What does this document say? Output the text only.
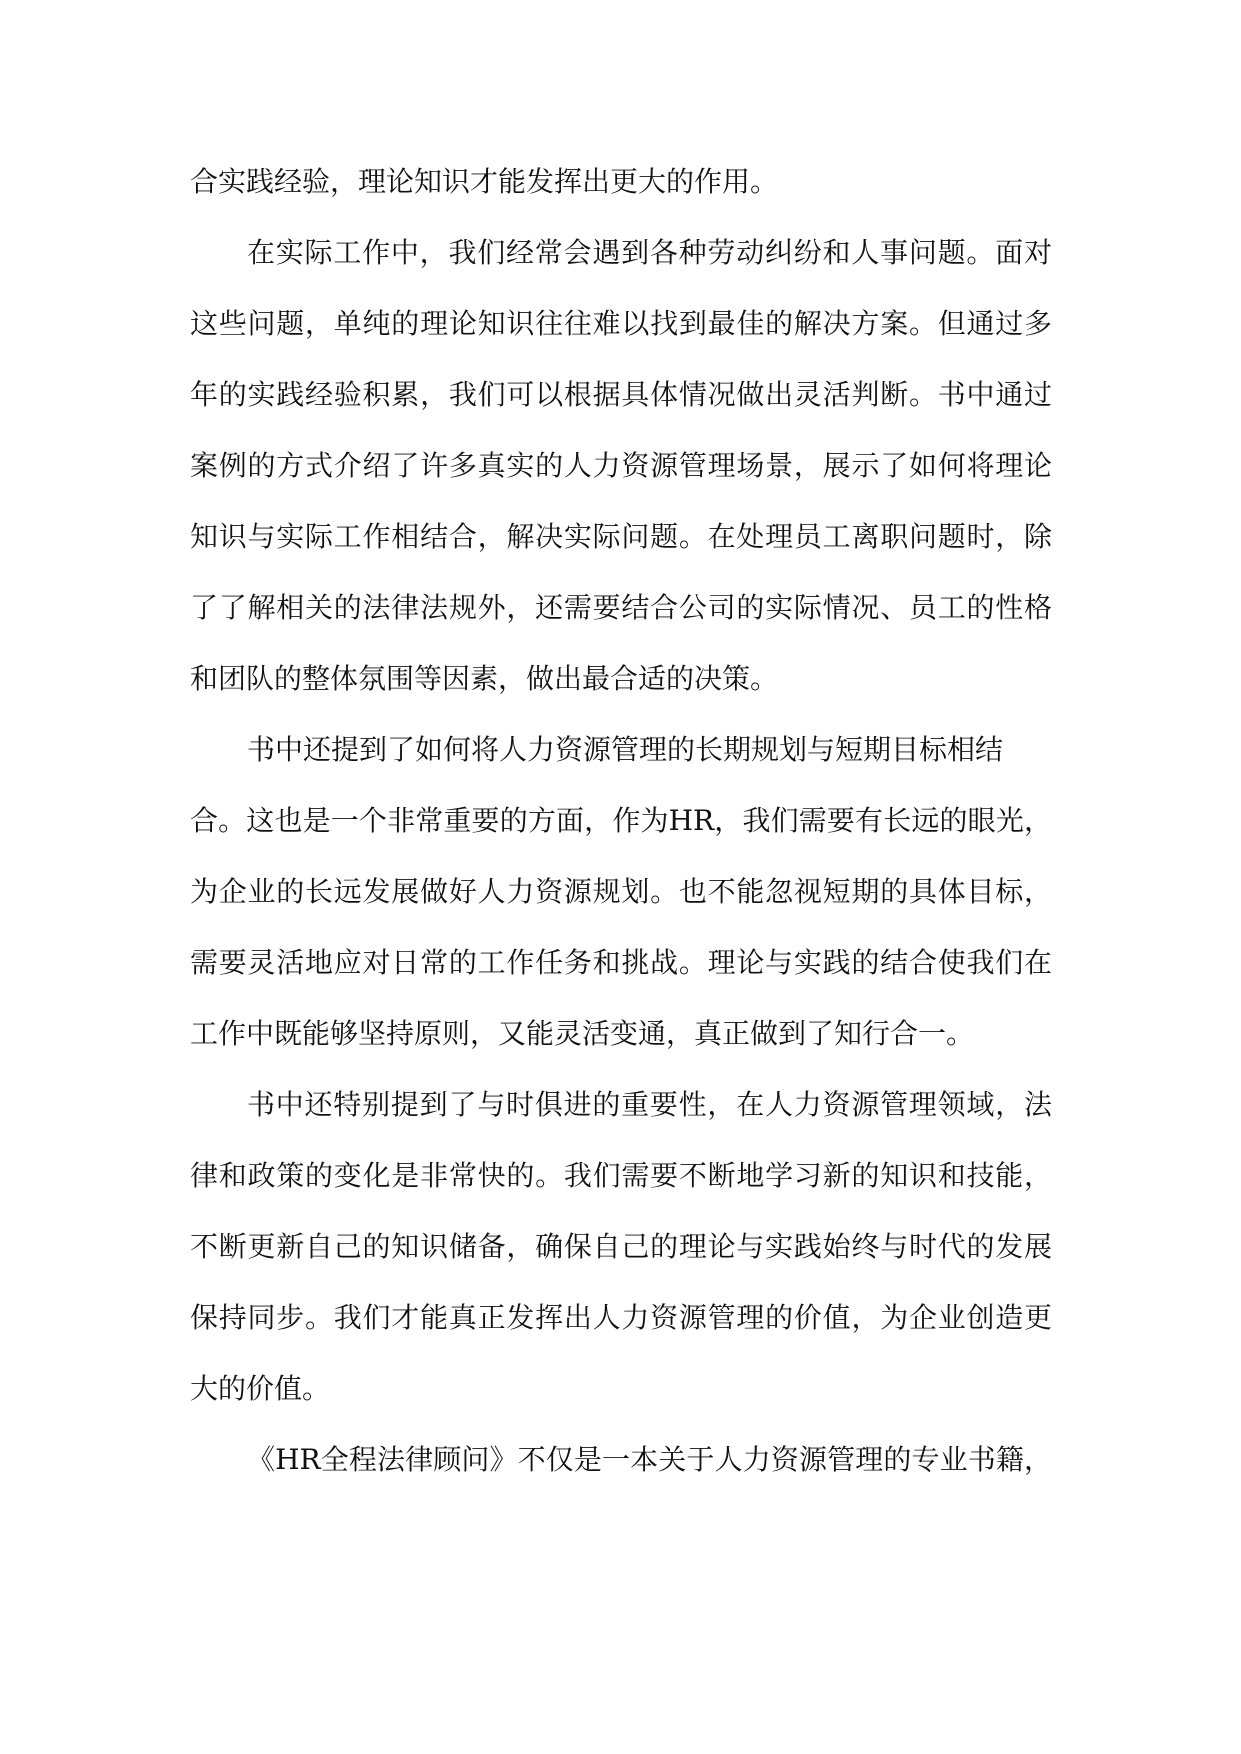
合实践经验，理论知识才能发挥出更大的作用。
在实际工作中，我们经常会遇到各种劳动纠纷和人事问题。面对
这些问题，单纯的理论知识往往难以找到最佳的解决方案。但通过多
年的实践经验积累，我们可以根据具体情况做出灵活判断。书中通过
案例的方式介绍了许多真实的人力资源管理场景，展示了如何将理论
知识与实际工作相结合，解决实际问题。在处理员工离职问题时，除
了了解相关的法律法规外，还需要结合公司的实际情况、员工的性格
和团队的整体氛围等因素，做出最合适的决策。
书中还提到了如何将人力资源管理的长期规划与短期目标相结
合。这也是一个非常重要的方面，作为HR，我们需要有长远的眼光，
为企业的长远发展做好人力资源规划。也不能忽视短期的具体目标，
需要灵活地应对日常的工作任务和挑战。理论与实践的结合使我们在
工作中既能够坚持原则，又能灵活变通，真正做到了知行合一。
书中还特别提到了与时俱进的重要性，在人力资源管理领域，法
律和政策的变化是非常快的。我们需要不断地学习新的知识和技能，
不断更新自己的知识储备，确保自己的理论与实践始终与时代的发展
保持同步。我们才能真正发挥出人力资源管理的价值，为企业创造更
大的价值。
《HR全程法律顾问》不仅是一本关于人力资源管理的专业书籍，
